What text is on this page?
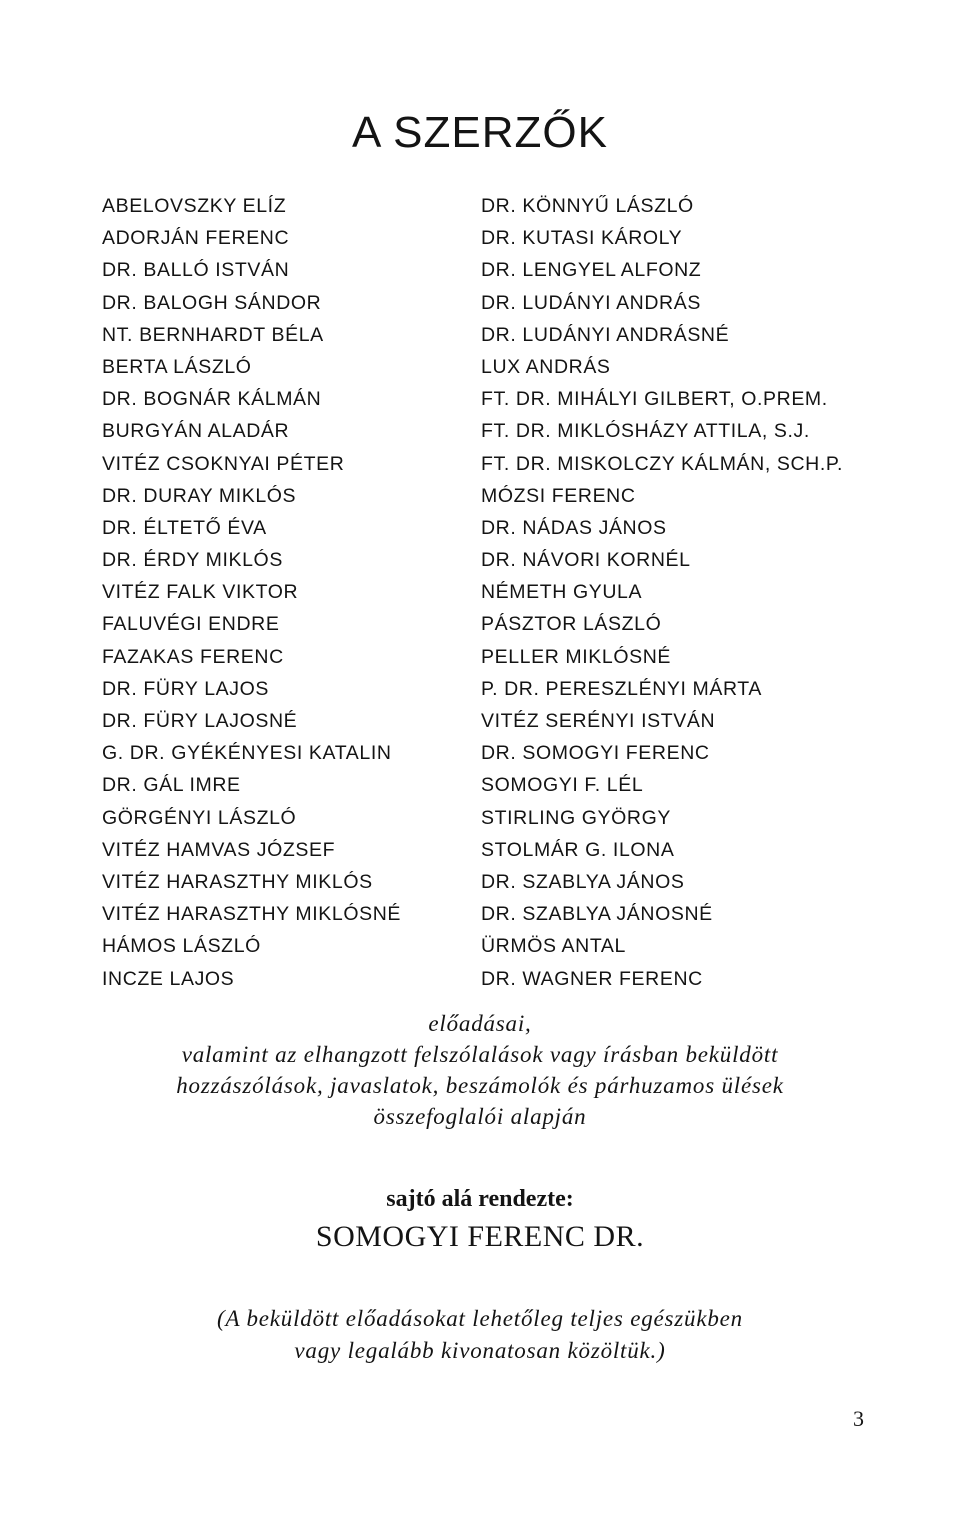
A SZERZŐK
ABELOVSZKY ELÍZ
ADORJÁN FERENC
DR. BALLÓ ISTVÁN
DR. BALOGH SÁNDOR
NT. BERNHARDT BÉLA
BERTA LÁSZLÓ
DR. BOGNÁR KÁLMÁN
BURGYÁN ALADÁR
VITÉZ CSOKNYAI PÉTER
DR. DURAY MIKLÓS
DR. ÉLTETŐ ÉVA
DR. ÉRDY MIKLÓS
VITÉZ FALK VIKTOR
FALUVÉGI ENDRE
FAZAKAS FERENC
DR. FÜRY LAJOS
DR. FÜRY LAJOSNÉ
G. DR. GYÉKÉNYESI KATALIN
DR. GÁL IMRE
GÖRGÉNYI LÁSZLÓ
VITÉZ HAMVAS JÓZSEF
VITÉZ HARASZTHY MIKLÓS
VITÉZ HARASZTHY MIKLÓSNÉ
HÁMOS LÁSZLÓ
INCZE LAJOS
DR. KÖNNYŰ LÁSZLÓ
DR. KUTASI KÁROLY
DR. LENGYEL ALFONZ
DR. LUDÁNYI ANDRÁS
DR. LUDÁNYI ANDRÁSNÉ
LUX ANDRÁS
FT. DR. MIHÁLYI GILBERT, O.PREM.
FT. DR. MIKLÓSHÁZY ATTILA, S.J.
FT. DR. MISKOLCZY KÁLMÁN, SCH.P.
MÓZSI FERENC
DR. NÁDAS JÁNOS
DR. NÁVORI KORNÉL
NÉMETH GYULA
PÁSZTOR LÁSZLÓ
PELLER MIKLÓSNÉ
P. DR. PERESZLÉNYI MÁRTA
VITÉZ SERÉNYI ISTVÁN
DR. SOMOGYI FERENC
SOMOGYI F. LÉL
STIRLING GYÖRGY
STOLMÁR G. ILONA
DR. SZABLYA JÁNOS
DR. SZABLYA JÁNOSNÉ
ÜRMÖS ANTAL
DR. WAGNER FERENC
előadásai,
valamint az elhangzott felszólalások vagy írásban beküldött
hozzászólások, javaslatok, beszámolók és párhuzamos ülések
összefoglalói alapján
sajtó alá rendezte:
SOMOGYI FERENC DR.
(A beküldött előadásokat lehetőleg teljes egészükben
vagy legalább kivonatosan közöltük.)
3
